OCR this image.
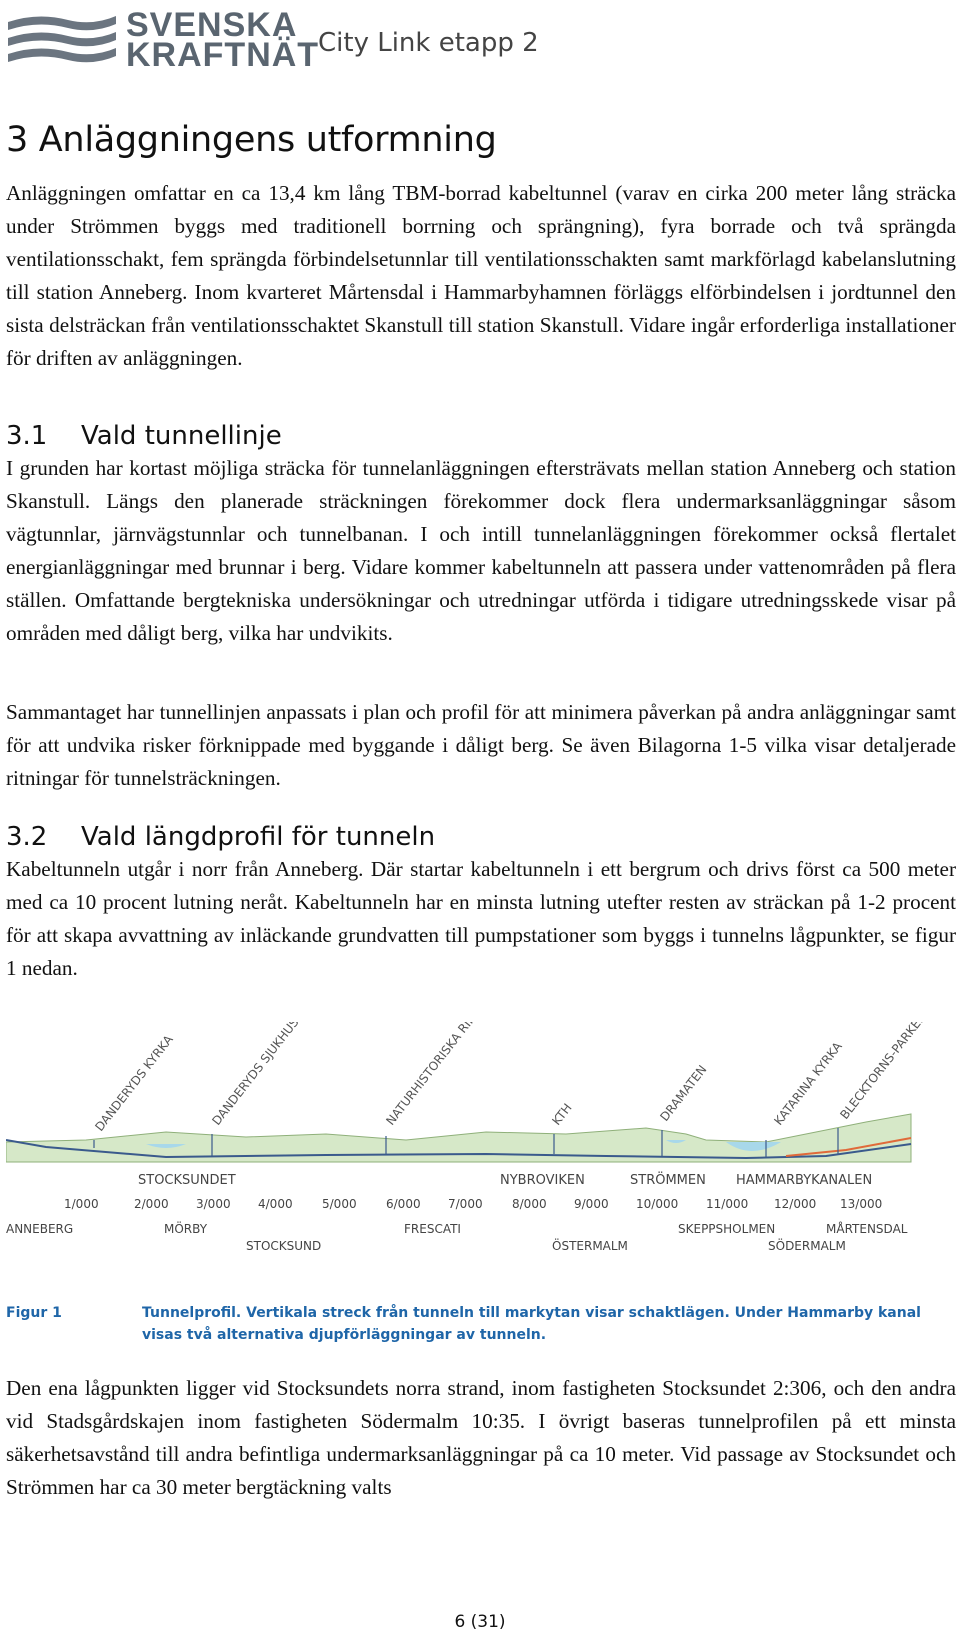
SVENSKA
KRAFTNÄT
City Link etapp 2
3 Anläggningens utformning

Anläggningen omfattar en ca 13,4 km lång TBM-borrad kabeltunnel (varav en cirka 200 meter lång sträcka under Strömmen byggs med traditionell borrning och sprängning), fyra borrade och två sprängda ventilationsschakt, fem sprängda förbindelsetunnlar till ventilationsschakten samt markförlagd kabelanslutning till station Anneberg. Inom kvarteret Mårtensdal i Hammarbyhamnen förläggs elförbindelsen i jordtunnel den sista delsträckan från ventilationsschaktet Skanstull till station Skanstull. Vidare ingår erforderliga installationer för driften av anläggningen.

3.1 Vald tunnellinje

I grunden har kortast möjliga sträcka för tunnelanläggningen eftersträvats mellan station Anneberg och station Skanstull. Längs den planerade sträckningen förekommer dock flera undermarksanläggningar såsom vägtunnlar, järnvägstunnlar och tunnelbanan. I och intill tunnelanläggningen förekommer också flertalet energianläggningar med brunnar i berg. Vidare kommer kabeltunneln att passera under vattenområden på flera ställen. Omfattande bergtekniska undersökningar och utredningar utförda i tidigare utredningsskede visar på områden med dåligt berg, vilka har undvikits.

Sammantaget har tunnellinjen anpassats i plan och profil för att minimera påverkan på andra anläggningar samt för att undvika risker förknippade med byggande i dåligt berg. Se även Bilagorna 1-5 vilka visar detaljerade ritningar för tunnelsträckningen.

3.2 Vald längdprofil för tunneln

Kabeltunneln utgår i norr från Anneberg. Där startar kabeltunneln i ett bergrum och drivs först ca 500 meter med ca 10 procent lutning neråt. Kabeltunneln har en minsta lutning utefter resten av sträckan på 1-2 procent för att skapa avvattning av inläckande grundvatten till pumpstationer som byggs i tunnelns lågpunkter, se figur 1 nedan.

DANDERYDS KYRKA	DANDERYDS SJUKHUS	NATURHISTORISKA RIKSMUSEET	KTH	DRAMATEN	KATARINA KYRKA
BLECKTORNS-PARKEN
STOCKSUNDET	NYBROVIKEN	STRÖMMEN HAMMARBYKANALEN
1/000	2/000 3/000 4/000 5/000 6/000 7/000 8/000 9/000 10/000 11/000 12/000 13/000
ANNEBERG	MÖRBY	FRESCATI	SKEPPSHOLMEN	MÅRTENSDAL
STOCKSUND	ÖSTERMALM	SÖDERMALM
Figur 1	Tunnelprofil. Vertikala streck från tunneln till markytan visar schaktlägen. Under Hammarby kanal visas två alternativa djupförläggningar av tunneln.

Den ena lågpunkten ligger vid Stocksundets norra strand, inom fastigheten Stocksundet 2:306, och den andra vid Stadsgårdskajen inom fastigheten Södermalm 10:35. I övrigt baseras tunnelprofilen på ett minsta säkerhetsavstånd till andra befintliga undermarksanläggningar på ca 10 meter. Vid passage av Stocksundet och Strömmen har ca 30 meter bergtäckning valts

6 (31)
